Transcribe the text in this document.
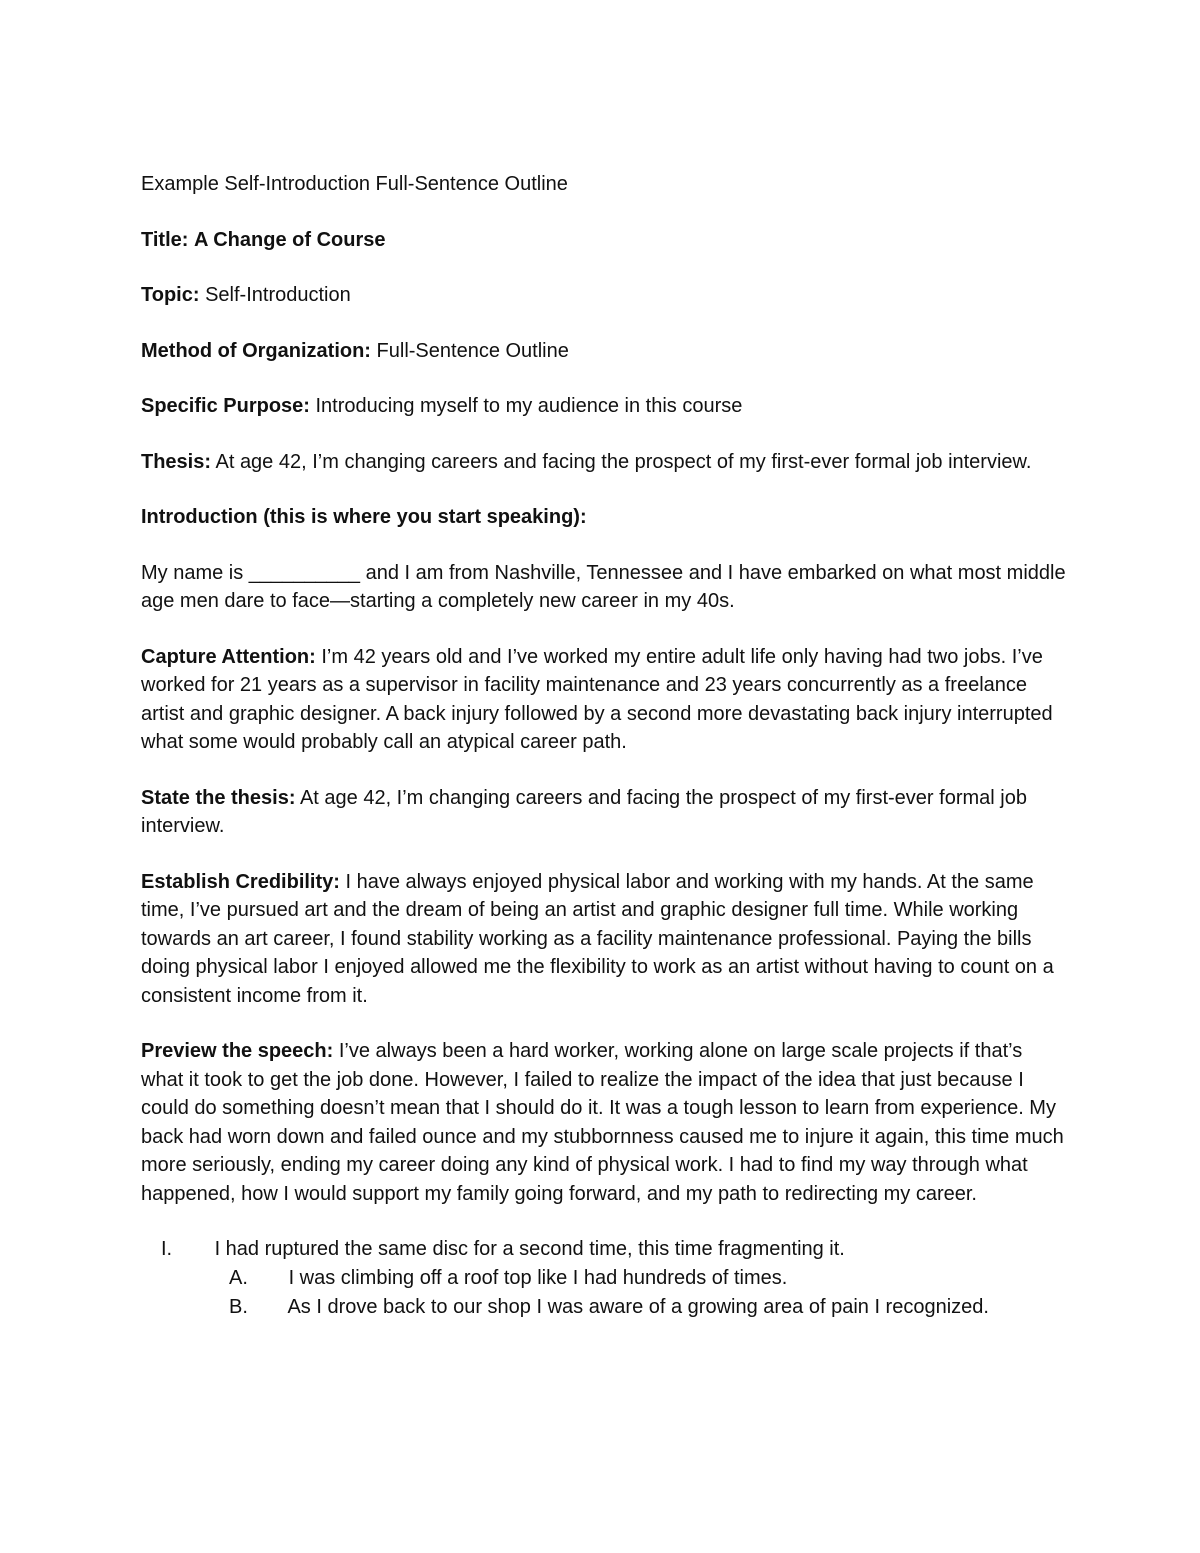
Example Self-Introduction Full-Sentence Outline

Title: A Change of Course

Topic: Self-Introduction

Method of Organization: Full-Sentence Outline

Specific Purpose: Introducing myself to my audience in this course

Thesis: At age 42, I’m changing careers and facing the prospect of my first-ever formal job interview.

Introduction (this is where you start speaking):

My name is __________ and I am from Nashville, Tennessee and I have embarked on what most middle age men dare to face—starting a completely new career in my 40s.

Capture Attention: I’m 42 years old and I’ve worked my entire adult life only having had two jobs. I’ve worked for 21 years as a supervisor in facility maintenance and 23 years concurrently as a freelance artist and graphic designer. A back injury followed by a second more devastating back injury interrupted what some would probably call an atypical career path.

State the thesis: At age 42, I’m changing careers and facing the prospect of my first-ever formal job interview.

Establish Credibility: I have always enjoyed physical labor and working with my hands. At the same time, I’ve pursued art and the dream of being an artist and graphic designer full time. While working towards an art career, I found stability working as a facility maintenance professional. Paying the bills doing physical labor I enjoyed allowed me the flexibility to work as an artist without having to count on a consistent income from it.

Preview the speech: I’ve always been a hard worker, working alone on large scale projects if that’s what it took to get the job done. However, I failed to realize the impact of the idea that just because I could do something doesn’t mean that I should do it. It was a tough lesson to learn from experience. My back had worn down and failed ounce and my stubbornness caused me to injure it again, this time much more seriously, ending my career doing any kind of physical work. I had to find my way through what happened, how I would support my family going forward, and my path to redirecting my career.

I. I had ruptured the same disc for a second time, this time fragmenting it.
A. I was climbing off a roof top like I had hundreds of times.
B. As I drove back to our shop I was aware of a growing area of pain I recognized.
